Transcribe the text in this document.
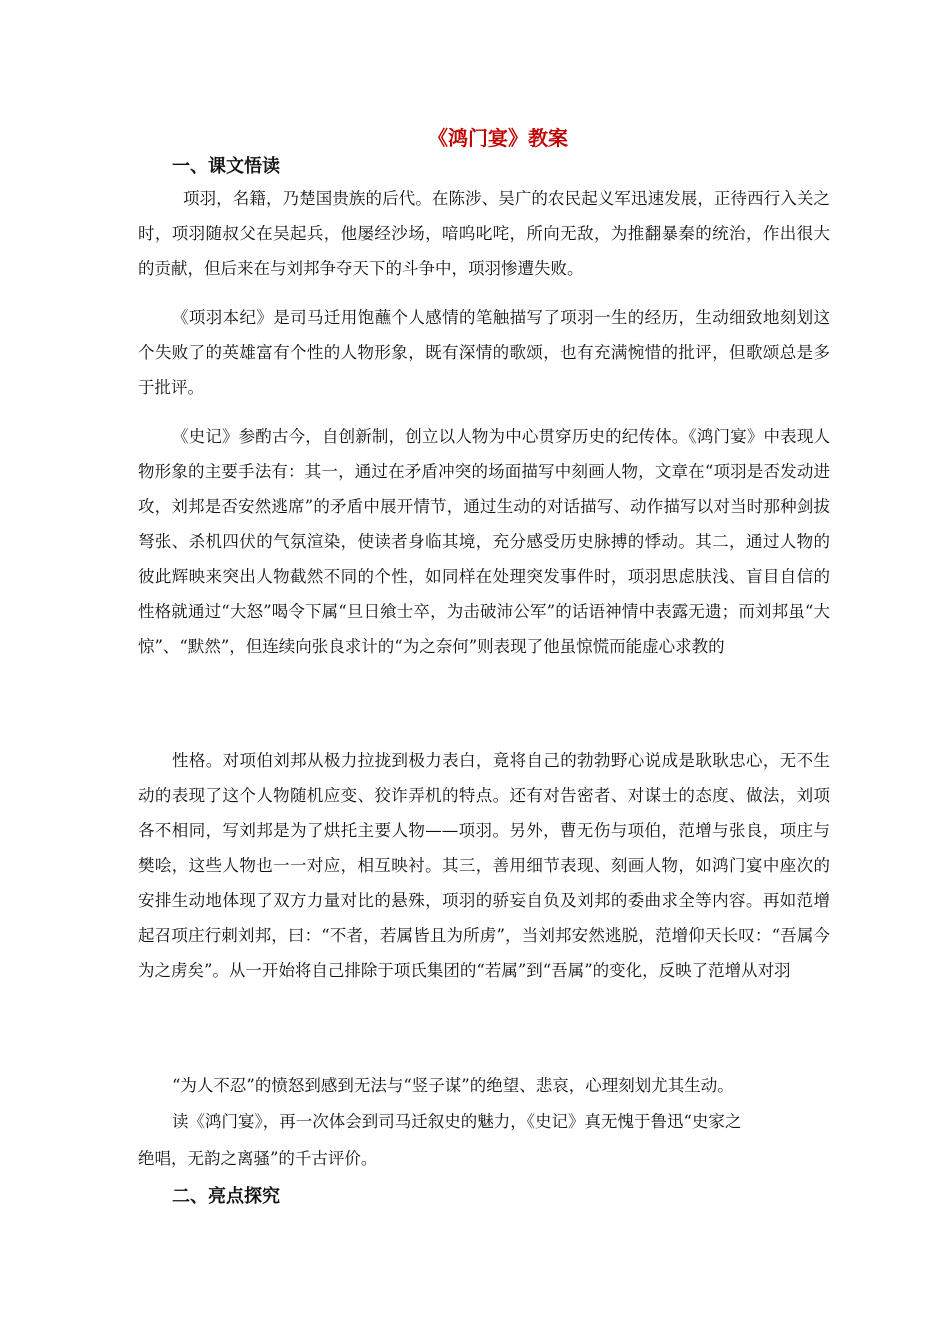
《鸿门宴》教案
一、课文悟读
项羽，名籍，乃楚国贵族的后代。在陈涉、吴广的农民起义军迅速发展，正待西行入关之时，项羽随叔父在吴起兵，他屡经沙场，喑呜叱咤，所向无敌，为推翻暴秦的统治，作出很大的贡献，但后来在与刘邦争夺天下的斗争中，项羽惨遭失败。
《项羽本纪》是司马迁用饱蘸个人感情的笔触描写了项羽一生的经历，生动细致地刻划这个失败了的英雄富有个性的人物形象，既有深情的歌颂，也有充满惋惜的批评，但歌颂总是多于批评。
《史记》参酌古今，自创新制，创立以人物为中心贯穿历史的纪传体。《鸿门宴》中表现人物形象的主要手法有：其一，通过在矛盾冲突的场面描写中刻画人物，文章在“项羽是否发动进攻，刘邦是否安然逃席”的矛盾中展开情节，通过生动的对话描写、动作描写以对当时那种剑拔弩张、杀机四伏的气氛渲染，使读者身临其境，充分感受历史脉搏的悸动。其二，通过人物的彼此辉映来突出人物截然不同的个性，如同样在处理突发事件时，项羽思虑肤浅、盲目自信的性格就通过“大怒”喝令下属“旦日飨士卒，为击破沛公军”的话语神情中表露无遗；而刘邦虽“大惊”、“默然”，但连续向张良求计的“为之奈何”则表现了他虽惊慌而能虚心求教的
性格。对项伯刘邦从极力拉拢到极力表白，竟将自己的勃勃野心说成是耿耿忠心，无不生动的表现了这个人物随机应变、狡诈弄机的特点。还有对告密者、对谋士的态度、做法，刘项各不相同，写刘邦是为了烘托主要人物——项羽。另外，曹无伤与项伯，范增与张良，项庄与樊哙，这些人物也一一对应，相互映衬。其三，善用细节表现、刻画人物，如鸿门宴中座次的安排生动地体现了双方力量对比的悬殊，项羽的骄妄自负及刘邦的委曲求全等内容。再如范增起召项庄行刺刘邦，曰：“不者，若属皆且为所虏”，当刘邦安然逃脱，范增仰天长叹：“吾属今为之虏矣”。从一开始将自己排除于项氏集团的“若属”到“吾属”的变化，反映了范增从对羽
“为人不忍”的愤怒到感到无法与“竖子谋”的绝望、悲哀，心理刻划尤其生动。
读《鸿门宴》，再一次体会到司马迁叙史的魅力，《史记》真无愧于鲁迅“史家之
绝唱，无韵之离骚”的千古评价。
二、亮点探究
